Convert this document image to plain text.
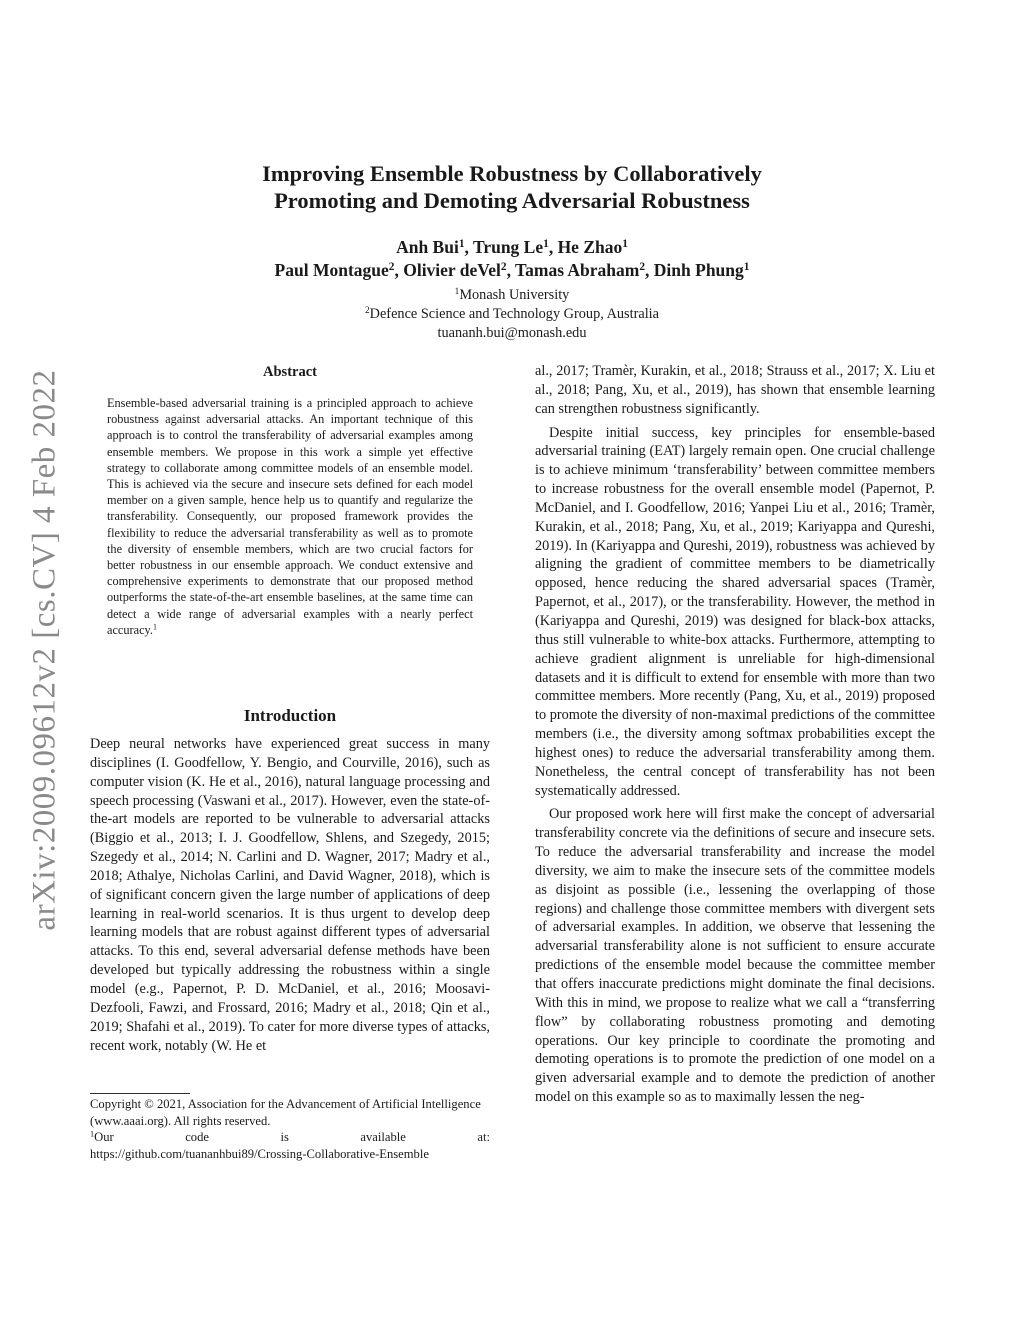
arXiv:2009.09612v2 [cs.CV] 4 Feb 2022
Improving Ensemble Robustness by Collaboratively
Promoting and Demoting Adversarial Robustness
Anh Bui$^1$, Trung Le$^1$, He Zhao$^1$
Paul Montague$^2$, Olivier deVel$^2$, Tamas Abraham$^2$, Dinh Phung$^1$
$^1$Monash University
$^2$Defence Science and Technology Group, Australia
tuananh.bui@monash.edu
Abstract
Ensemble-based adversarial training is a principled approach to achieve robustness against adversarial attacks. An important technique of this approach is to control the transferability of adversarial examples among ensemble members. We propose in this work a simple yet effective strategy to collaborate among committee models of an ensemble model. This is achieved via the secure and insecure sets defined for each model member on a given sample, hence help us to quantify and regularize the transferability. Consequently, our proposed framework provides the flexibility to reduce the adversarial transferability as well as to promote the diversity of ensemble members, which are two crucial factors for better robustness in our ensemble approach. We conduct extensive and comprehensive experiments to demonstrate that our proposed method outperforms the state-of-the-art ensemble baselines, at the same time can detect a wide range of adversarial examples with a nearly perfect accuracy.$^1$
Introduction
Deep neural networks have experienced great success in many disciplines (I. Goodfellow, Y. Bengio, and Courville, 2016), such as computer vision (K. He et al., 2016), natural language processing and speech processing (Vaswani et al., 2017). However, even the state-of-the-art models are reported to be vulnerable to adversarial attacks (Biggio et al., 2013; I. J. Goodfellow, Shlens, and Szegedy, 2015; Szegedy et al., 2014; N. Carlini and D. Wagner, 2017; Madry et al., 2018; Athalye, Nicholas Carlini, and David Wagner, 2018), which is of significant concern given the large number of applications of deep learning in real-world scenarios. It is thus urgent to develop deep learning models that are robust against different types of adversarial attacks. To this end, several adversarial defense methods have been developed but typically addressing the robustness within a single model (e.g., Papernot, P. D. McDaniel, et al., 2016; Moosavi-Dezfooli, Fawzi, and Frossard, 2016; Madry et al., 2018; Qin et al., 2019; Shafahi et al., 2019). To cater for more diverse types of attacks, recent work, notably (W. He et

Copyright © 2021, Association for the Advancement of Artificial Intelligence (www.aaai.org). All rights reserved.

$^1$Our	code	is	available	at:

https://github.com/tuananhbui89/Crossing-Collaborative-Ensemble

al., 2017; Tramèr, Kurakin, et al., 2018; Strauss et al., 2017; X. Liu et al., 2018; Pang, Xu, et al., 2019), has shown that ensemble learning can strengthen robustness significantly.

Despite initial success, key principles for ensemble-based adversarial training (EAT) largely remain open. One crucial challenge is to achieve minimum ‘transferability’ between committee members to increase robustness for the overall ensemble model (Papernot, P. McDaniel, and I. Goodfellow, 2016; Yanpei Liu et al., 2016; Tramèr, Kurakin, et al., 2018; Pang, Xu, et al., 2019; Kariyappa and Qureshi, 2019). In (Kariyappa and Qureshi, 2019), robustness was achieved by aligning the gradient of committee members to be diametrically opposed, hence reducing the shared adversarial spaces (Tramèr, Papernot, et al., 2017), or the transferability. However, the method in (Kariyappa and Qureshi, 2019) was designed for black-box attacks, thus still vulnerable to white-box attacks. Furthermore, attempting to achieve gradient alignment is unreliable for high-dimensional datasets and it is difficult to extend for ensemble with more than two committee members. More recently (Pang, Xu, et al., 2019) proposed to promote the diversity of non-maximal predictions of the committee members (i.e., the diversity among softmax probabilities except the highest ones) to reduce the adversarial transferability among them. Nonetheless, the central concept of transferability has not been systematically addressed.

Our proposed work here will first make the concept of adversarial transferability concrete via the definitions of secure and insecure sets. To reduce the adversarial transferability and increase the model diversity, we aim to make the insecure sets of the committee models as disjoint as possible (i.e., lessening the overlapping of those regions) and challenge those committee members with divergent sets of adversarial examples. In addition, we observe that lessening the adversarial transferability alone is not sufficient to ensure accurate predictions of the ensemble model because the committee member that offers inaccurate predictions might dominate the final decisions. With this in mind, we propose to realize what we call a “transferring flow” by collaborating robustness promoting and demoting operations. Our key principle to coordinate the promoting and demoting operations is to promote the prediction of one model on a given adversarial example and to demote the prediction of another model on this example so as to maximally lessen the neg-
